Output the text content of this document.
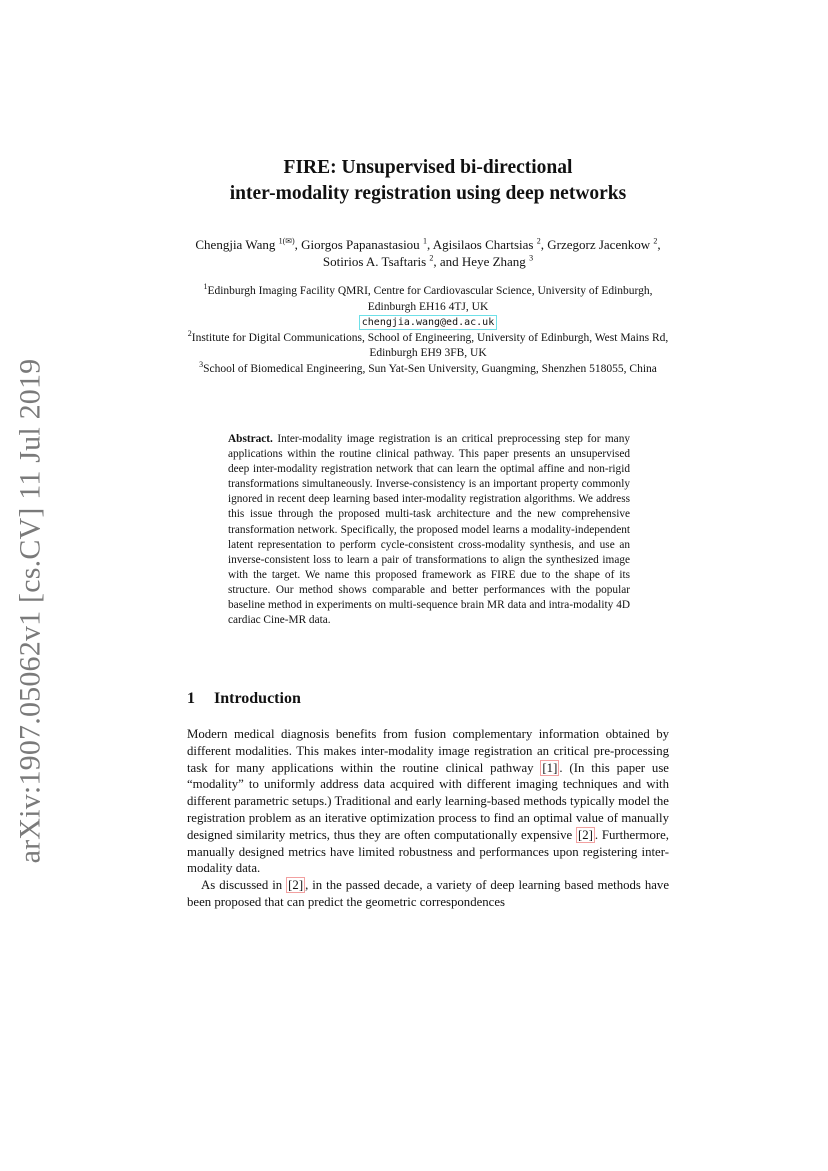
arXiv:1907.05062v1 [cs.CV] 11 Jul 2019
FIRE: Unsupervised bi-directional
inter-modality registration using deep networks
Chengjia Wang $^{1(✉)}$, Giorgos Papanastasiou $^1$, Agisilaos Chartsias $^2$, Grzegorz Jacenkow $^2$, Sotirios A. Tsaftaris $^2$, and Heye Zhang $^3$
$^1$Edinburgh Imaging Facility QMRI, Centre for Cardiovascular Science, University of Edinburgh, Edinburgh EH16 4TJ, UK
chengjia.wang@ed.ac.uk
$^2$Institute for Digital Communications, School of Engineering, University of Edinburgh, West Mains Rd, Edinburgh EH9 3FB, UK
$^3$School of Biomedical Engineering, Sun Yat-Sen University, Guangming, Shenzhen 518055, China
Abstract. Inter-modality image registration is an critical preprocessing step for many applications within the routine clinical pathway. This paper presents an unsupervised deep inter-modality registration network that can learn the optimal affine and non-rigid transformations simultaneously. Inverse-consistency is an important property commonly ignored in recent deep learning based inter-modality registration algorithms. We address this issue through the proposed multi-task architecture and the new comprehensive transformation network. Specifically, the proposed model learns a modality-independent latent representation to perform cycle-consistent cross-modality synthesis, and use an inverse-consistent loss to learn a pair of transformations to align the synthesized image with the target. We name this proposed framework as FIRE due to the shape of its structure. Our method shows comparable and better performances with the popular baseline method in experiments on multi-sequence brain MR data and intra-modality 4D cardiac Cine-MR data.
1 Introduction

Modern medical diagnosis benefits from fusion complementary information obtained by different modalities. This makes inter-modality image registration an critical pre-processing task for many applications within the routine clinical pathway [1] . (In this paper use “modality” to uniformly address data acquired with different imaging techniques and with different parametric setups.) Traditional and early learning-based methods typically model the registration problem as an iterative optimization process to find an optimal value of manually designed similarity metrics, thus they are often computationally expensive [2] . Furthermore, manually designed metrics have limited robustness and performances upon registering inter-modality data.

As discussed in [2] , in the passed decade, a variety of deep learning based methods have been proposed that can predict the geometric correspondences
